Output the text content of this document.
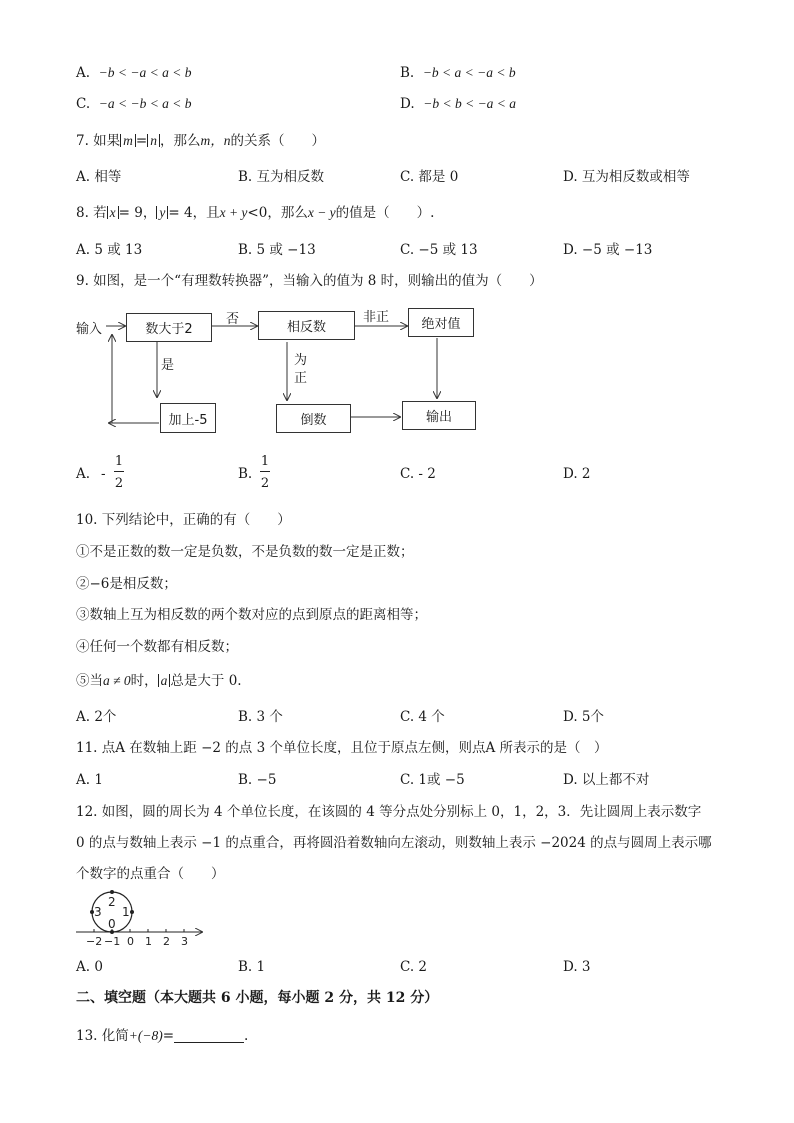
A. −b < −a < a < b	B. −b < a < −a < b
C. −a < −b < a < b	D. −b < b < −a < a
7. 如果 m = n ，那么m，n的关系（　　）
A. 相等	B. 互为相反数	C. 都是 0	D. 互为相反数或相等
8. 若 x = 9， y = 4，且x + y<0，那么x − y的值是（　　）.
A. 5 或 13	B. 5 或 −13	C. −5 或 13	D. −5 或 −13
9. 如图，是一个“有理数转换器”，当输入的值为 8 时，则输出的值为（　　）
输入	数大于2
否
相反数
非正	绝对值
是	为
正
加上-5	倒数	输出
A. -
1
2
B.
1
2
C. - 2	D. 2
10. 下列结论中，正确的有（　　）
①不是正数的数一定是负数，不是负数的数一定是正数；
②−6是相反数；
③数轴上互为相反数的两个数对应的点到原点的距离相等；
④任何一个数都有相反数；
⑤当a ≠ 0时， a 总是大于 0.
A. 2个	B. 3 个	C. 4 个	D. 5个
11. 点A 在数轴上距 −2 的点 3 个单位长度，且位于原点左侧，则点A 所表示的是（　）
A. 1	B. −5	C. 1或 −5	D. 以上都不对
12. 如图，圆的周长为 4 个单位长度，在该圆的 4 等分点处分别标上 0，1，2，3．先让圆周上表示数字
0 的点与数轴上表示 −1 的点重合，再将圆沿着数轴向左滚动，则数轴上表示 −2024 的点与圆周上表示哪
个数字的点重合（　　）
2
3 1
0
−2 −1 0 1 2 3
A. 0	B. 1	C. 2	D. 3
二、填空题（本大题共 6 小题，每小题 2 分，共 12 分）
13. 化简+(−8)=	.
